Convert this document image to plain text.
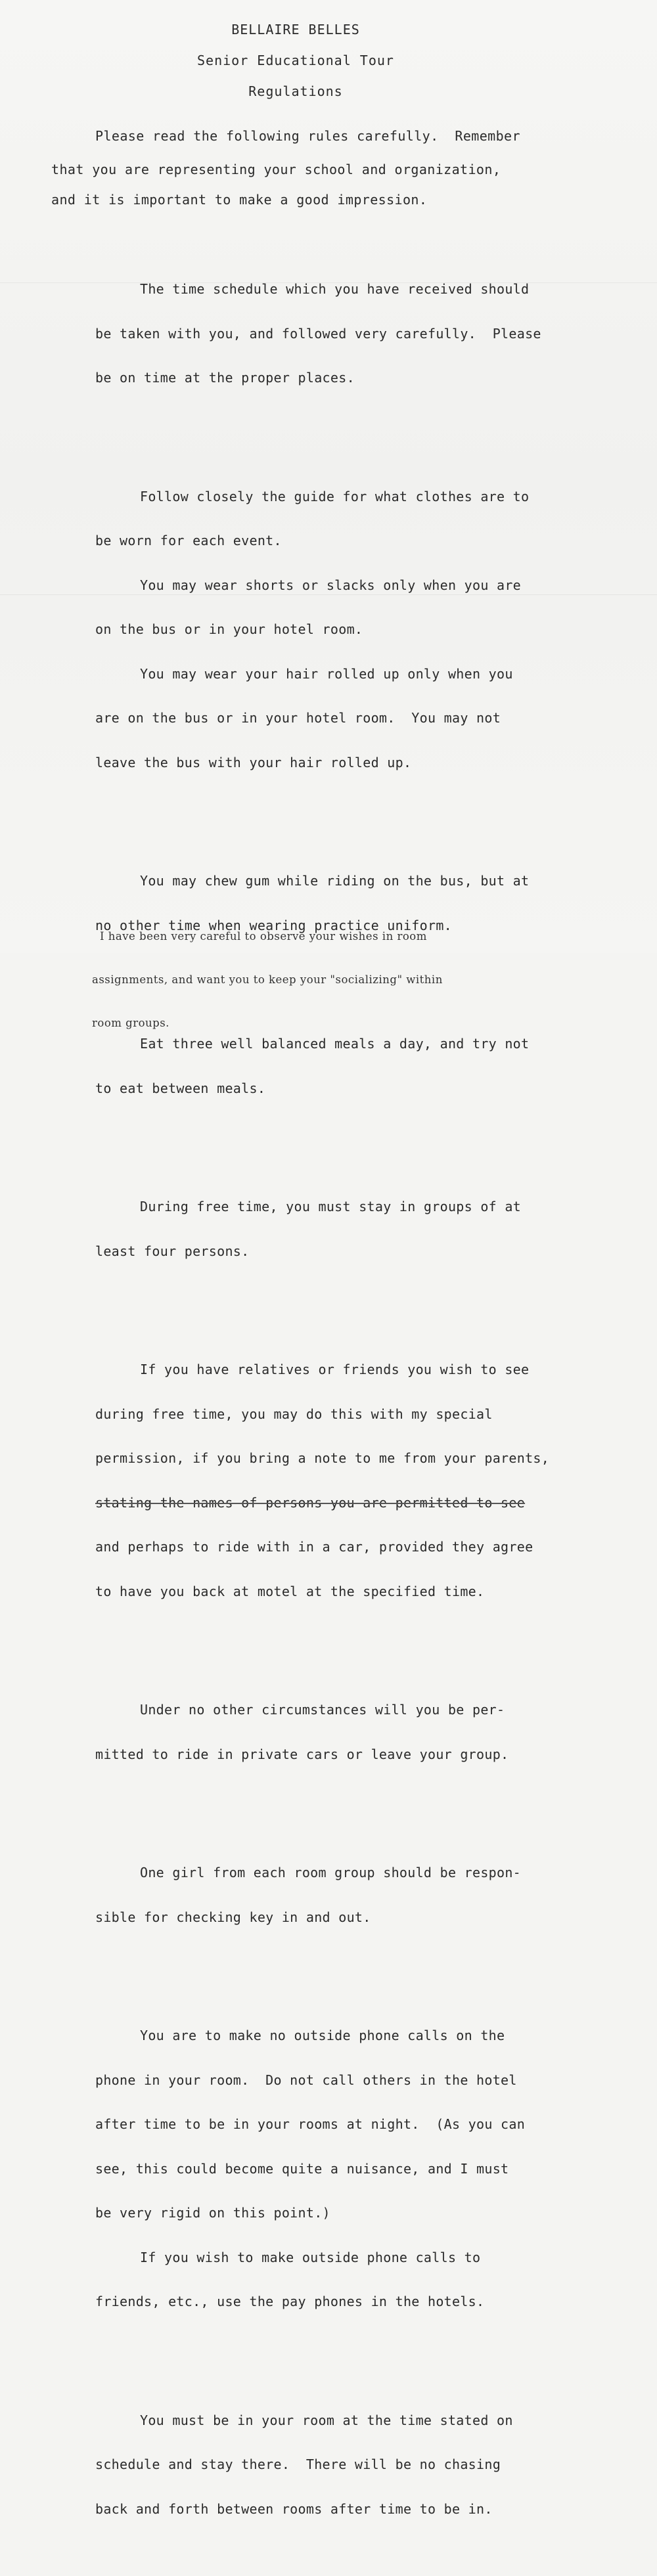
BELLAIRE BELLES
Senior Educational Tour
Regulations
Please read the following rules carefully.  Remember
that you are representing your school and organization,
and it is important to make a good impression.

The time schedule which you have received should

be taken with you, and followed very carefully.  Please

be on time at the proper places.

Follow closely the guide for what clothes are to

be worn for each event.

You may wear shorts or slacks only when you are

on the bus or in your hotel room.

You may wear your hair rolled up only when you

are on the bus or in your hotel room.  You may not

leave the bus with your hair rolled up.

You may chew gum while riding on the bus, but at

no other time when wearing practice uniform.

Eat three well balanced meals a day, and try not

to eat between meals.

During free time, you must stay in groups of at

least four persons.

If you have relatives or friends you wish to see

during free time, you may do this with my special

permission, if you bring a note to me from your parents,

stating the names of persons you are permitted to see

and perhaps to ride with in a car, provided they agree

to have you back at motel at the specified time.

Under no other circumstances will you be per-

mitted to ride in private cars or leave your group.

One girl from each room group should be respon-

sible for checking key in and out.

You are to make no outside phone calls on the

phone in your room.  Do not call others in the hotel

after time to be in your rooms at night.  (As you can

see, this could become quite a nuisance, and I must

be very rigid on this point.)

If you wish to make outside phone calls to

friends, etc., use the pay phones in the hotels.

You must be in your room at the time stated on

schedule and stay there.  There will be no chasing

back and forth between rooms after time to be in.

I have been very careful to observe your wishes in room

assignments, and want you to keep your "socializing" within

room groups.
